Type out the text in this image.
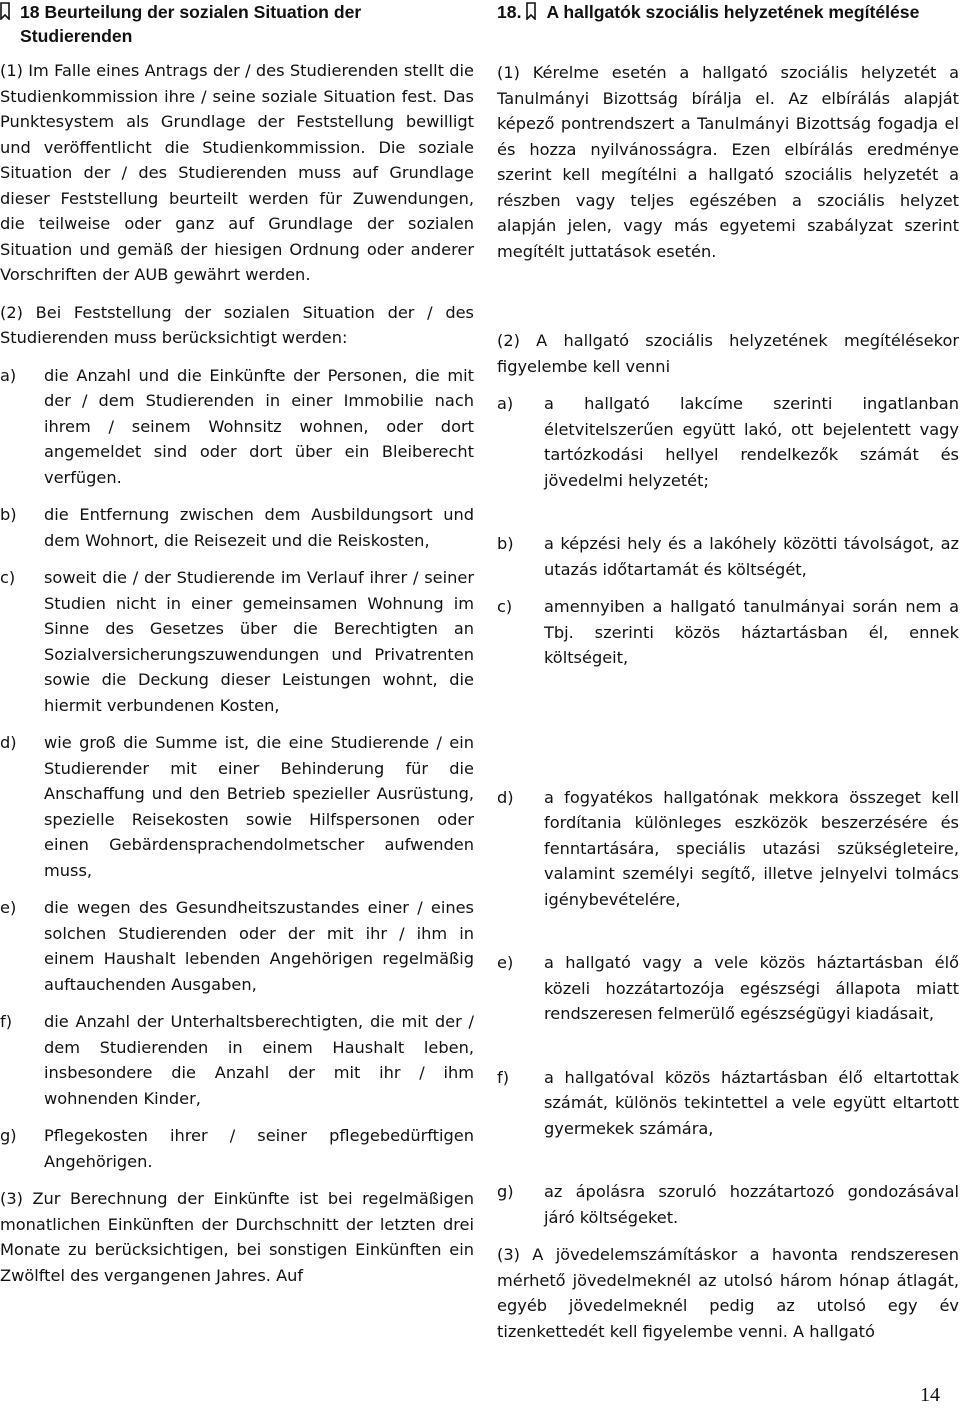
18 Beurteilung der sozialen Situation der Studierenden

(1) Im Falle eines Antrags der / des Studierenden stellt die Studienkommission ihre / seine soziale Situation fest. Das Punktesystem als Grundlage der Feststellung bewilligt und veröffentlicht die Studienkommission. Die soziale Situation der / des Studierenden muss auf Grundlage dieser Feststellung beurteilt werden für Zuwendungen, die teilweise oder ganz auf Grundlage der sozialen Situation und gemäß der hiesigen Ordnung oder anderer Vorschriften der AUB gewährt werden.

(2) Bei Feststellung der sozialen Situation der / des Studierenden muss berücksichtigt werden:

a)	die Anzahl und die Einkünfte der Personen, die mit der / dem Studierenden in einer Immobilie nach ihrem / seinem Wohnsitz wohnen, oder dort angemeldet sind oder dort über ein Bleiberecht verfügen.
b)	die Entfernung zwischen dem Ausbildungsort und dem Wohnort, die Reisezeit und die Reiskosten,
c)	soweit die / der Studierende im Verlauf ihrer / seiner Studien nicht in einer gemeinsamen Wohnung im Sinne des Gesetzes über die Berechtigten an Sozialversicherungszuwendungen und Privatrenten sowie die Deckung dieser Leistungen wohnt, die hiermit verbundenen Kosten,
d)	wie groß die Summe ist, die eine Studierende / ein Studierender mit einer Behinderung für die Anschaffung und den Betrieb spezieller Ausrüstung, spezielle Reisekosten sowie Hilfspersonen oder einen Gebärdensprachendolmetscher aufwenden muss,
e)	die wegen des Gesundheitszustandes einer / eines solchen Studierenden oder der mit ihr / ihm in einem Haushalt lebenden Angehörigen regelmäßig auftauchenden Ausgaben,
f)	die Anzahl der Unterhaltsberechtigten, die mit der / dem Studierenden in einem Haushalt leben, insbesondere die Anzahl der mit ihr / ihm wohnenden Kinder,
g)	Pflegekosten ihrer / seiner pflegebedürftigen Angehörigen.

(3) Zur Berechnung der Einkünfte ist bei regelmäßigen monatlichen Einkünften der Durchschnitt der letzten drei Monate zu berücksichtigen, bei sonstigen Einkünften ein Zwölftel des vergangenen Jahres. Auf

18. A hallgatók szociális helyzetének megítélése

(1) Kérelme esetén a hallgató szociális helyzetét a Tanulmányi Bizottság bírálja el. Az elbírálás alapját képező pontrendszert a Tanulmányi Bizottság fogadja el és hozza nyilvánosságra. Ezen elbírálás eredménye szerint kell megítélni a hallgató szociális helyzetét a részben vagy teljes egészében a szociális helyzet alapján jelen, vagy más egyetemi szabályzat szerint megítélt juttatások esetén.

(2) A hallgató szociális helyzetének megítélésekor figyelembe kell venni

a)	a hallgató lakcíme szerinti ingatlanban életvitelszerűen együtt lakó, ott bejelentett vagy tartózkodási hellyel rendelkezők számát és jövedelmi helyzetét;
b)	a képzési hely és a lakóhely közötti távolságot, az utazás időtartamát és költségét,
c)	amennyiben a hallgató tanulmányai során nem a Tbj. szerinti közös háztartásban él, ennek költségeit,
d)	a fogyatékos hallgatónak mekkora összeget kell fordítania különleges eszközök beszerzésére és fenntartására, speciális utazási szükségleteire, valamint személyi segítő, illetve jelnyelvi tolmács igénybevételére,
e)	a hallgató vagy a vele közös háztartásban élő közeli hozzátartozója egészségi állapota miatt rendszeresen felmerülő egészségügyi kiadásait,
f)	a hallgatóval közös háztartásban élő eltartottak számát, különös tekintettel a vele együtt eltartott gyermekek számára,
g)	az ápolásra szoruló hozzátartozó gondozásával járó költségeket.

(3) A jövedelemszámításkor a havonta rendszeresen mérhető jövedelmeknél az utolsó három hónap átlagát, egyéb jövedelmeknél pedig az utolsó egy év tizenkettedét kell figyelembe venni. A hallgató

14
